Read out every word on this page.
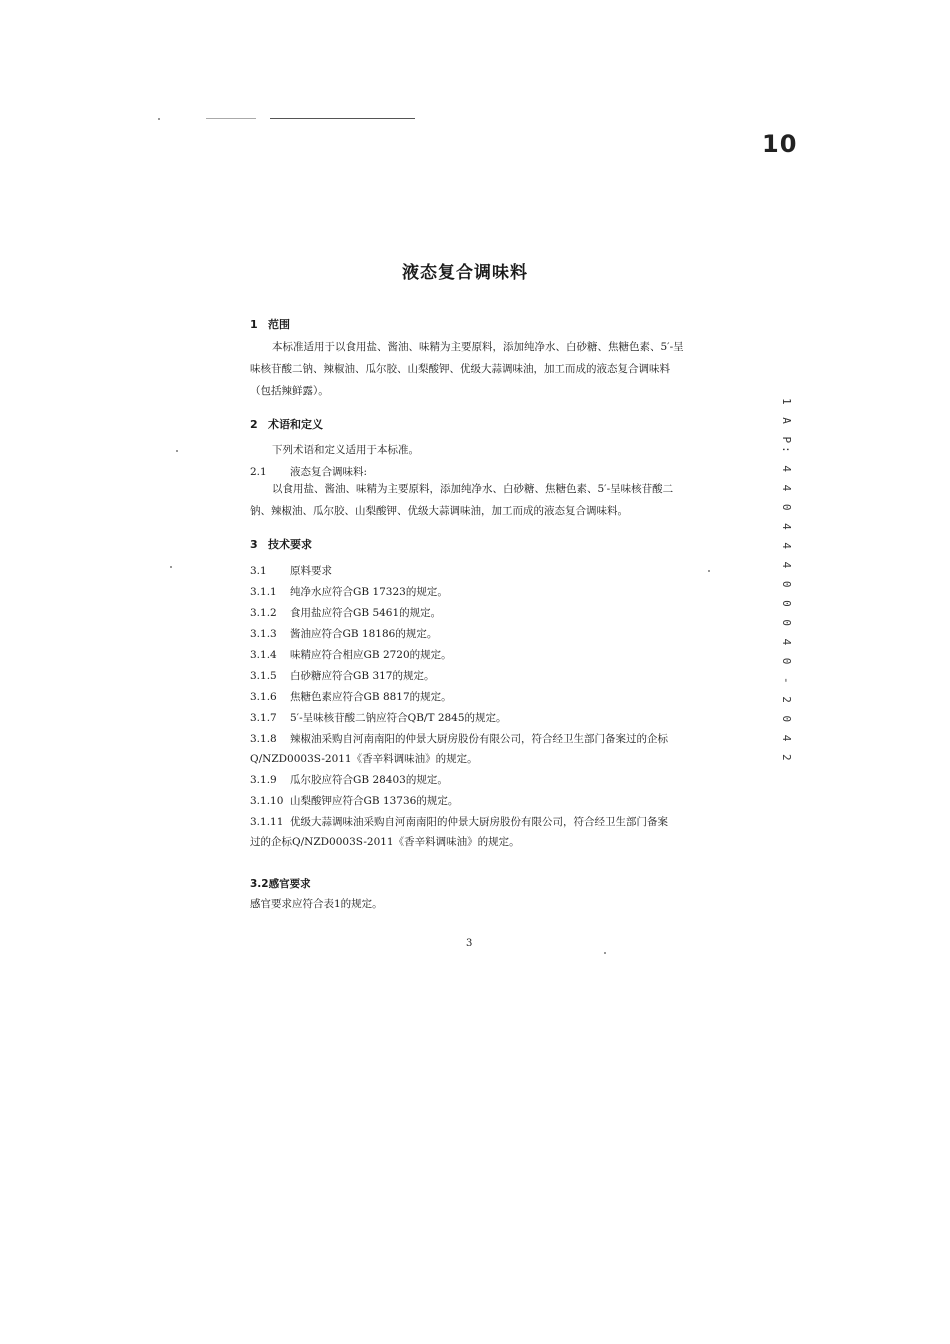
10
1 A P: 4 4 0 4 4 4 0 0 0 4 0 - 2 0 4 2
液态复合调味料
1 范围
本标准适用于以食用盐、酱油、味精为主要原料，添加纯净水、白砂糖、焦糖色素、5′-呈味核苷酸二钠、辣椒油、瓜尔胶、山梨酸钾、优级大蒜调味油，加工而成的液态复合调味料（包括辣鲜露）。
2 术语和定义
下列术语和定义适用于本标准。
2.1 液态复合调味料:
以食用盐、酱油、味精为主要原料，添加纯净水、白砂糖、焦糖色素、5′-呈味核苷酸二钠、辣椒油、瓜尔胶、山梨酸钾、优级大蒜调味油，加工而成的液态复合调味料。
3 技术要求
3.1 原料要求
3.1.1 纯净水应符合GB 17323的规定。
3.1.2 食用盐应符合GB 5461的规定。
3.1.3 酱油应符合GB 18186的规定。
3.1.4 味精应符合相应GB 2720的规定。
3.1.5 白砂糖应符合GB 317的规定。
3.1.6 焦糖色素应符合GB 8817的规定。
3.1.7 5′-呈味核苷酸二钠应符合QB/T 2845的规定。
3.1.8 辣椒油采购自河南南阳的仲景大厨房股份有限公司，符合经卫生部门备案过的企标
Q/NZD0003S-2011《香辛料调味油》的规定。
3.1.9 瓜尔胶应符合GB 28403的规定。
3.1.10 山梨酸钾应符合GB 13736的规定。
3.1.11 优级大蒜调味油采购自河南南阳的仲景大厨房股份有限公司，符合经卫生部门备案
过的企标Q/NZD0003S-2011《香辛料调味油》的规定。
3.2感官要求
感官要求应符合表1的规定。
3
